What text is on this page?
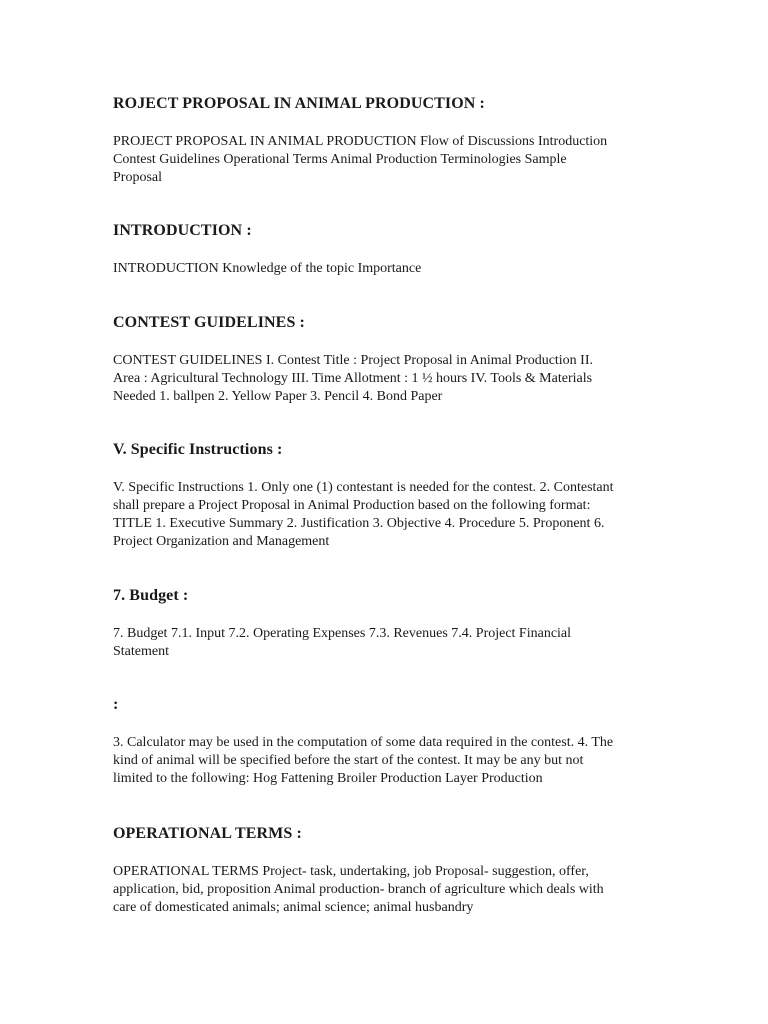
ROJECT PROPOSAL IN ANIMAL PRODUCTION :

PROJECT PROPOSAL IN ANIMAL PRODUCTION Flow of Discussions Introduction
Contest Guidelines Operational Terms Animal Production Terminologies Sample
Proposal

INTRODUCTION :

INTRODUCTION Knowledge of the topic Importance

CONTEST GUIDELINES :

CONTEST GUIDELINES I. Contest Title : Project Proposal in Animal Production II.
Area : Agricultural Technology III. Time Allotment : 1 ½ hours IV. Tools & Materials
Needed 1. ballpen 2. Yellow Paper 3. Pencil 4. Bond Paper

V. Specific Instructions :

V. Specific Instructions 1. Only one (1) contestant is needed for the contest. 2. Contestant
shall prepare a Project Proposal in Animal Production based on the following format:
TITLE 1. Executive Summary 2. Justification 3. Objective 4. Procedure 5. Proponent 6.
Project Organization and Management

7. Budget :

7. Budget 7.1. Input 7.2. Operating Expenses 7.3. Revenues 7.4. Project Financial
Statement

:

3. Calculator may be used in the computation of some data required in the contest. 4. The
kind of animal will be specified before the start of the contest. It may be any but not
limited to the following: Hog Fattening Broiler Production Layer Production

OPERATIONAL TERMS :

OPERATIONAL TERMS Project- task, undertaking, job Proposal- suggestion, offer,
application, bid, proposition Animal production- branch of agriculture which deals with
care of domesticated animals; animal science; animal husbandry
